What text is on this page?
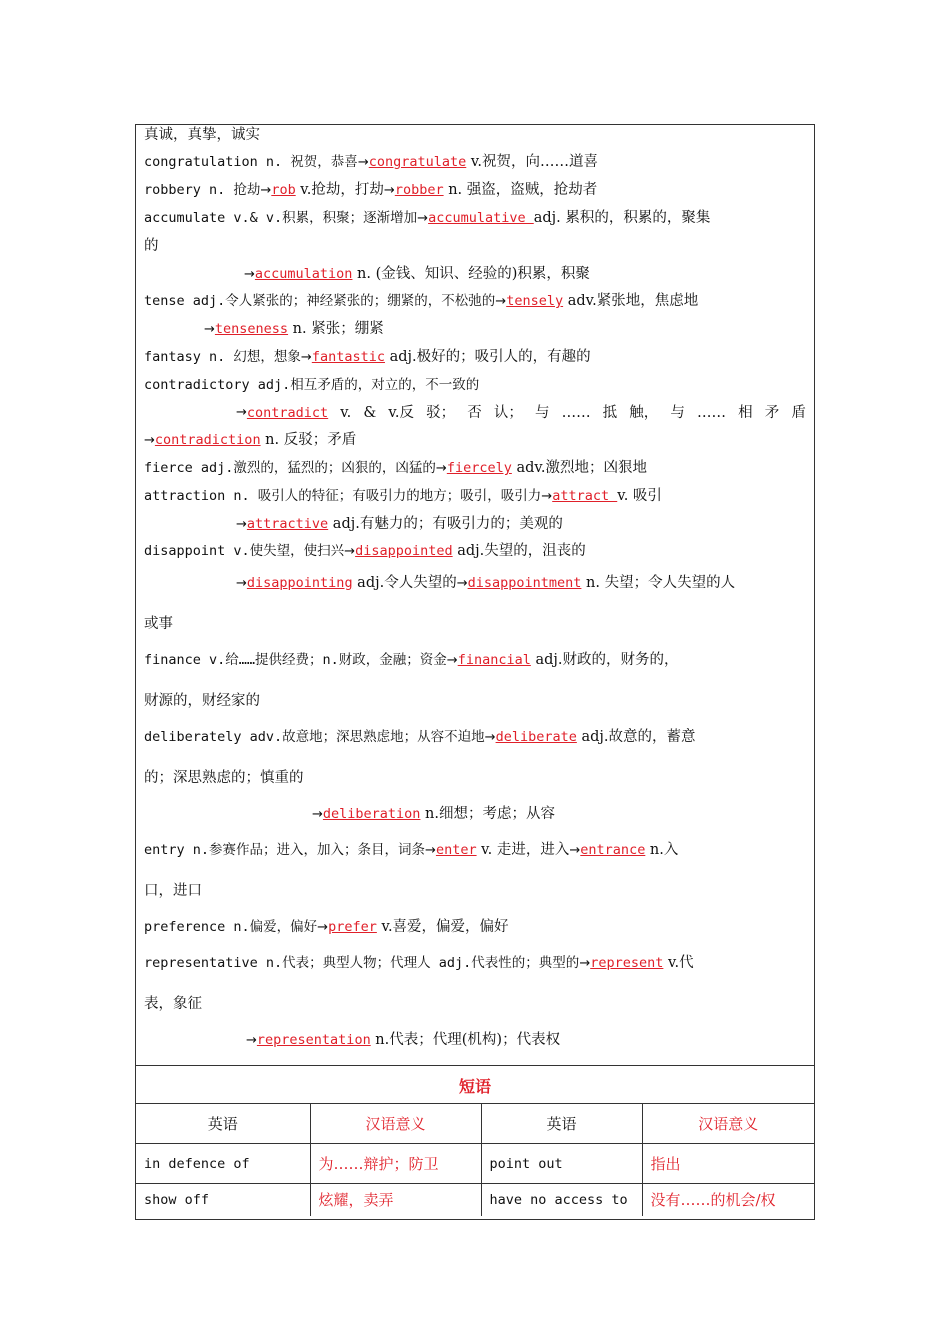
真诚，真挚，诚实
congratulation n. 祝贺，恭喜→congratulate v.祝贺，向……道喜
robbery n. 抢劫→rob v.抢劫，打劫→robber n. 强盗，盗贼，抢劫者
accumulate v.& v.积累，积聚；逐渐增加→accumulative adj. 累积的，积累的，聚集
的
→accumulation n. (金钱、知识、经验的)积累，积聚
tense adj.令人紧张的；神经紧张的；绷紧的，不松弛的→tensely adv.紧张地，焦虑地
→tenseness n. 紧张；绷紧
fantasy n. 幻想，想象→fantastic adj.极好的；吸引人的，有趣的
contradictory adj.相互矛盾的，对立的，不一致的
→ contradict v. & v.反 驳； 否 认； 与 …… 抵 触， 与 …… 相 矛 盾
→contradiction n. 反驳；矛盾
fierce adj.激烈的，猛烈的；凶狠的，凶猛的→fiercely adv.激烈地；凶狠地
attraction n. 吸引人的特征；有吸引力的地方；吸引，吸引力→attract v. 吸引
→attractive adj.有魅力的；有吸引力的；美观的
disappoint v.使失望，使扫兴→disappointed adj.失望的，沮丧的
→disappointing adj.令人失望的→disappointment n. 失望；令人失望的人
或事
finance v.给……提供经费；n.财政，金融；资金→financial adj.财政的，财务的，
财源的，财经家的
deliberately adv.故意地；深思熟虑地；从容不迫地→deliberate adj.故意的，蓄意
的；深思熟虑的；慎重的
→deliberation n.细想；考虑；从容
entry n.参赛作品；进入，加入；条目，词条→enter v. 走进，进入→entrance n.入
口，进口
preference n.偏爱，偏好→prefer v.喜爱，偏爱，偏好
representative n.代表；典型人物；代理人 adj.代表性的；典型的→represent v.代
表，象征
→representation n.代表；代理(机构)；代表权
短语
英语	汉语意义	英语	汉语意义
in defence of	为……辩护；防卫	point out	指出
show off	炫耀，卖弄	have no access to	没有……的机会/权
